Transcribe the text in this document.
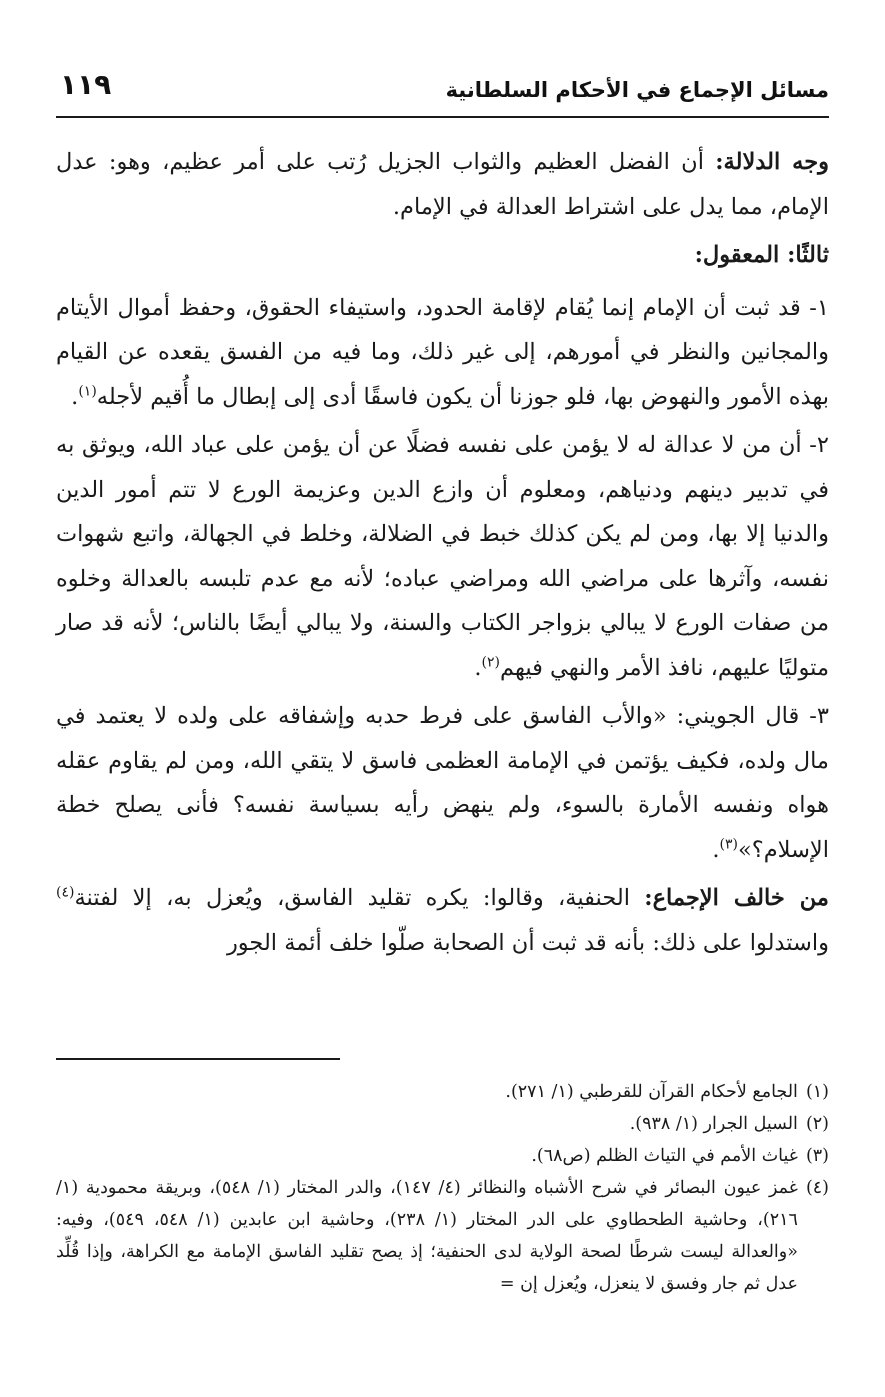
مسائل الإجماع في الأحكام السلطانية
١١٩

وجه الدلالة: أن الفضل العظيم والثواب الجزيل رُتب على أمر عظيم، وهو: عدل الإمام، مما يدل على اشتراط العدالة في الإمام.

ثالثًا: المعقول:

١- قد ثبت أن الإمام إنما يُقام لإقامة الحدود، واستيفاء الحقوق، وحفظ أموال الأيتام والمجانين والنظر في أمورهم، إلى غير ذلك، وما فيه من الفسق يقعده عن القيام بهذه الأمور والنهوض بها، فلو جوزنا أن يكون فاسقًا أدى إلى إبطال ما أُقيم لأجله$^{(١)}$.

٢- أن من لا عدالة له لا يؤمن على نفسه فضلًا عن أن يؤمن على عباد الله، ويوثق به في تدبير دينهم ودنياهم، ومعلوم أن وازع الدين وعزيمة الورع لا تتم أمور الدين والدنيا إلا بها، ومن لم يكن كذلك خبط في الضلالة، وخلط في الجهالة، واتبع شهوات نفسه، وآثرها على مراضي الله ومراضي عباده؛ لأنه مع عدم تلبسه بالعدالة وخلوه من صفات الورع لا يبالي بزواجر الكتاب والسنة، ولا يبالي أيضًا بالناس؛ لأنه قد صار متوليًا عليهم، نافذ الأمر والنهي فيهم$^{(٢)}$.

٣- قال الجويني: «والأب الفاسق على فرط حدبه وإشفاقه على ولده لا يعتمد في مال ولده، فكيف يؤتمن في الإمامة العظمى فاسق لا يتقي الله، ومن لم يقاوم عقله هواه ونفسه الأمارة بالسوء، ولم ينهض رأيه بسياسة نفسه؟ فأنى يصلح خطة الإسلام؟»$^{(٣)}$.

من خالف الإجماع: الحنفية، وقالوا: يكره تقليد الفاسق، ويُعزل به، إلا لفتنة$^{(٤)}$ واستدلوا على ذلك: بأنه قد ثبت أن الصحابة صلّوا خلف أئمة الجور

(١)
الجامع لأحكام القرآن للقرطبي (١/ ٢٧١).

(٢)
السيل الجرار (١/ ٩٣٨).

(٣)
غياث الأمم في التياث الظلم (ص٦٨).

(٤)
غمز عيون البصائر في شرح الأشباه والنظائر (٤/ ١٤٧)، والدر المختار (١/ ٥٤٨)، وبريقة محمودية (١/ ٢١٦)، وحاشية الطحطاوي على الدر المختار (١/ ٢٣٨)، وحاشية ابن عابدين (١/ ٥٤٨، ٥٤٩)، وفيه: «والعدالة ليست شرطًا لصحة الولاية لدى الحنفية؛ إذ يصح تقليد الفاسق الإمامة مع الكراهة، وإذا قُلِّد عدل ثم جار وفسق لا ينعزل، ويُعزل إن =
